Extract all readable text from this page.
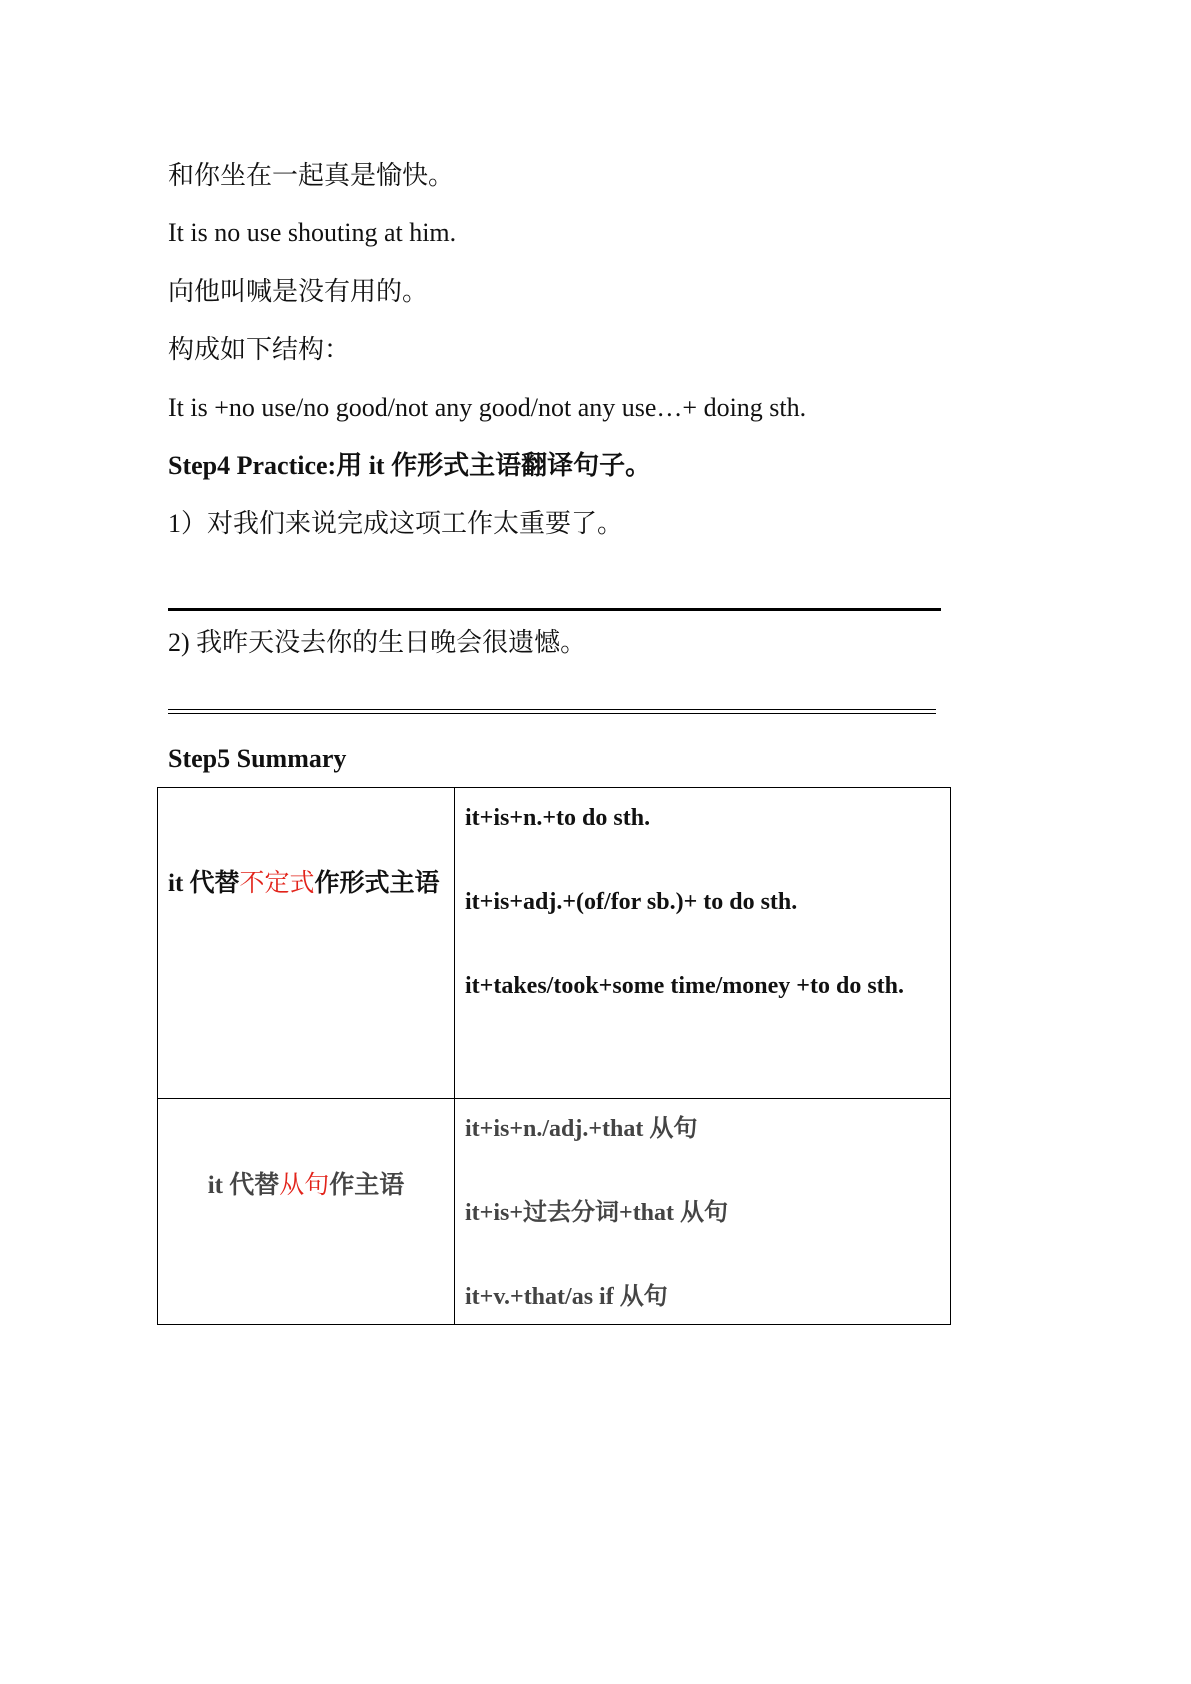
和你坐在一起真是愉快。
It is no use shouting at him.
向他叫喊是没有用的。
构成如下结构：
It is +no use/no good/not any good/not any use…+ doing sth.
Step4 Practice:用 it 作形式主语翻译句子。
1）对我们来说完成这项工作太重要了。
2) 我昨天没去你的生日晚会很遗憾。
Step5 Summary
it 代替不定式作形式主语	it+is+n.+to do sth.
it+is+adj.+(of/for sb.)+ to do sth.
it+takes/took+some time/money +to do sth.

it 代替从句作主语	it+is+n./adj.+that 从句
it+is+过去分词+that 从句
it+v.+that/as if 从句
